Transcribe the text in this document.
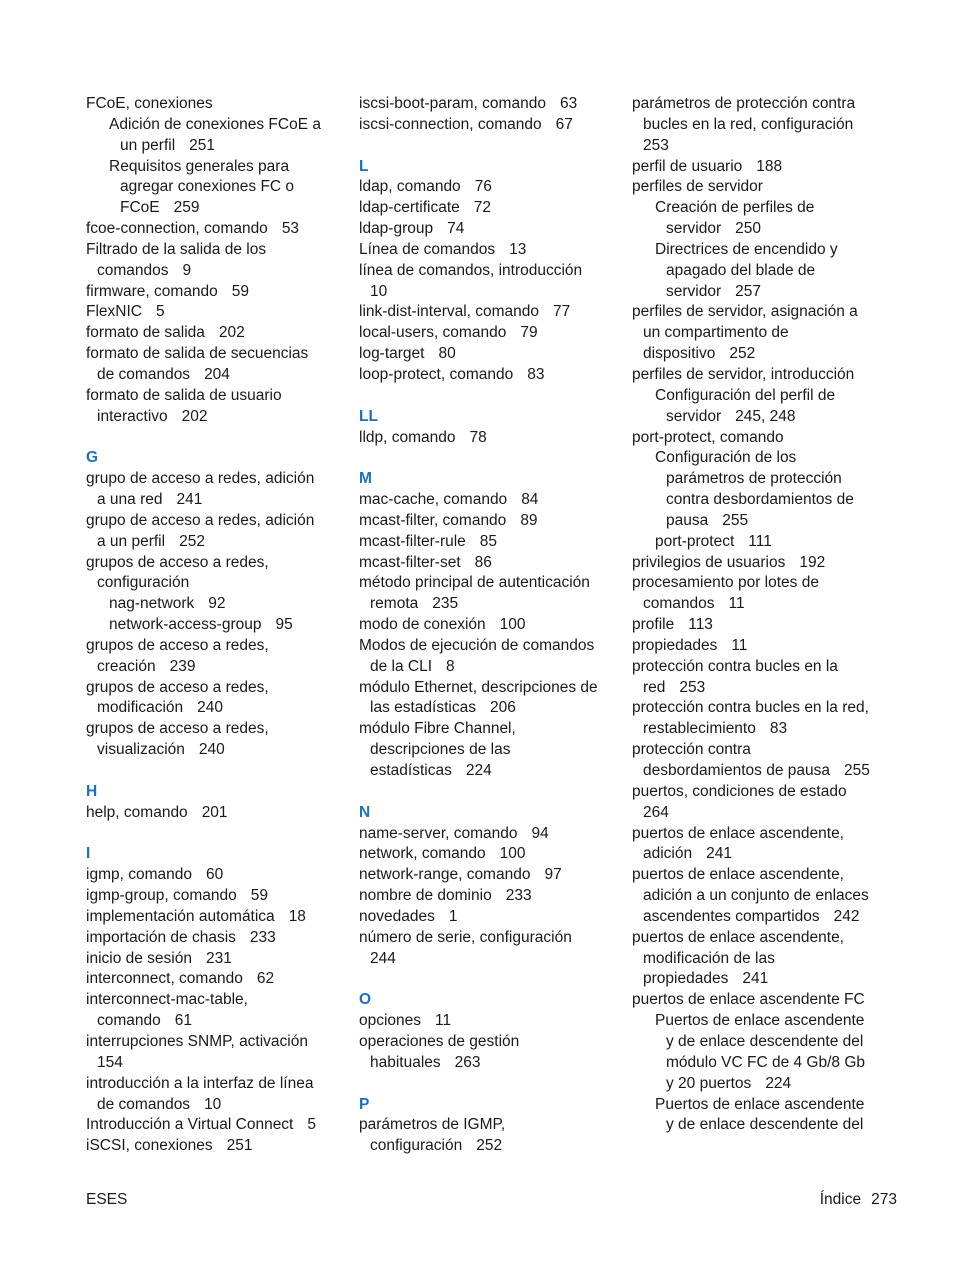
FCoE, conexiones
Adición de conexiones FCoE a
un perfil 251
Requisitos generales para
agregar conexiones FC o
FCoE 259
fcoe-connection, comando 53
Filtrado de la salida de los
comandos 9
firmware, comando 59
FlexNIC 5
formato de salida 202
formato de salida de secuencias
de comandos 204
formato de salida de usuario
interactivo 202
G
grupo de acceso a redes, adición
a una red 241
grupo de acceso a redes, adición
a un perfil 252
grupos de acceso a redes,
configuración
nag-network 92
network-access-group 95
grupos de acceso a redes,
creación 239
grupos de acceso a redes,
modificación 240
grupos de acceso a redes,
visualización 240
H
help, comando 201
I
igmp, comando 60
igmp-group, comando 59
implementación automática 18
importación de chasis 233
inicio de sesión 231
interconnect, comando 62
interconnect-mac-table,
comando 61
interrupciones SNMP, activación
154
introducción a la interfaz de línea
de comandos 10
Introducción a Virtual Connect 5
iSCSI, conexiones 251
iscsi-boot-param, comando 63
iscsi-connection, comando 67
L
ldap, comando 76
ldap-certificate 72
ldap-group 74
Línea de comandos 13
línea de comandos, introducción
10
link-dist-interval, comando 77
local-users, comando 79
log-target 80
loop-protect, comando 83
LL
lldp, comando 78
M
mac-cache, comando 84
mcast-filter, comando 89
mcast-filter-rule 85
mcast-filter-set 86
método principal de autenticación
remota 235
modo de conexión 100
Modos de ejecución de comandos
de la CLI 8
módulo Ethernet, descripciones de
las estadísticas 206
módulo Fibre Channel,
descripciones de las
estadísticas 224
N
name-server, comando 94
network, comando 100
network-range, comando 97
nombre de dominio 233
novedades 1
número de serie, configuración
244
O
opciones 11
operaciones de gestión
habituales 263
P
parámetros de IGMP,
configuración 252
parámetros de protección contra
bucles en la red, configuración
253
perfil de usuario 188
perfiles de servidor
Creación de perfiles de
servidor 250
Directrices de encendido y
apagado del blade de
servidor 257
perfiles de servidor, asignación a
un compartimento de
dispositivo 252
perfiles de servidor, introducción
Configuración del perfil de
servidor 245, 248
port-protect, comando
Configuración de los
parámetros de protección
contra desbordamientos de
pausa 255
port-protect 111
privilegios de usuarios 192
procesamiento por lotes de
comandos 11
profile 113
propiedades 11
protección contra bucles en la
red 253
protección contra bucles en la red,
restablecimiento 83
protección contra
desbordamientos de pausa 255
puertos, condiciones de estado
264
puertos de enlace ascendente,
adición 241
puertos de enlace ascendente,
adición a un conjunto de enlaces
ascendentes compartidos 242
puertos de enlace ascendente,
modificación de las
propiedades 241
puertos de enlace ascendente FC
Puertos de enlace ascendente
y de enlace descendente del
módulo VC FC de 4 Gb/8 Gb
y 20 puertos 224
Puertos de enlace ascendente
y de enlace descendente del
ESES	Índice 273
